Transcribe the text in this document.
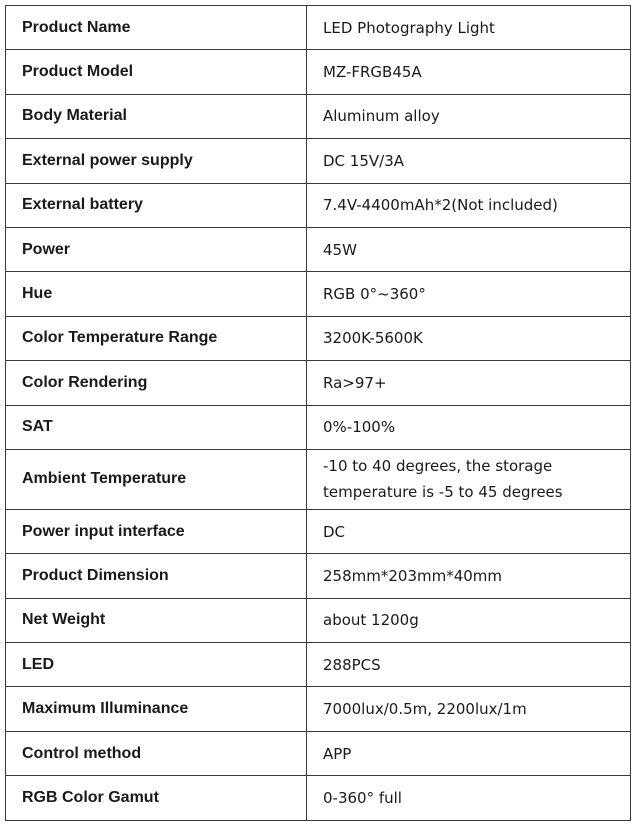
Product Name	LED Photography Light
Product Model	MZ-FRGB45A
Body Material	Aluminum alloy
External power supply	DC 15V/3A
External battery	7.4V-4400mAh*2(Not included)
Power	45W
Hue	RGB 0°~360°
Color Temperature Range	3200K-5600K
Color Rendering	Ra>97+
SAT	0%-100%
Ambient Temperature	-10 to 40 degrees, the storage temperature is -5 to 45 degrees
Power input interface	DC
Product Dimension	258mm*203mm*40mm
Net Weight	about 1200g
LED	288PCS
Maximum Illuminance	7000lux/0.5m, 2200lux/1m
Control method	APP
RGB Color Gamut	0-360° full
